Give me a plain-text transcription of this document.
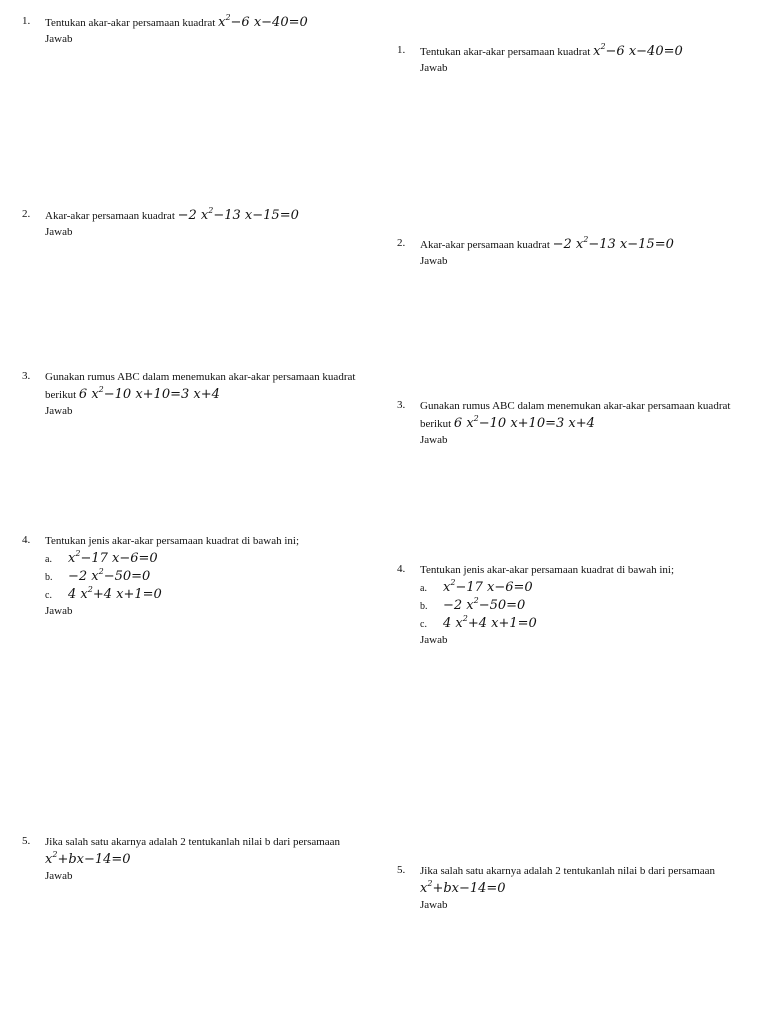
1.	Tentukan akar-akar persamaan kuadrat $x^2-6$ x−40=0
Jawab
2.	Akar-akar persamaan kuadrat −2 $x^2-13$ x−15=0
Jawab
3.	Gunakan rumus ABC dalam menemukan akar-akar persamaan kuadrat berikut 6 $x^2-10$ x+10=3 x+4
Jawab
4.	Tentukan jenis akar-akar persamaan kuadrat di bawah ini;
a. $x^2-17$ x−6=0
b. −2 $x^2-50=0$
c. 4 $x^2+4$ x+1=0
Jawab
5.	Jika salah satu akarnya adalah 2 tentukanlah nilai b dari persamaan $x^2+bx-14=0$
Jawab
1.	Tentukan akar-akar persamaan kuadrat $x^2-6$ x−40=0
Jawab
2.	Akar-akar persamaan kuadrat −2 $x^2-13$ x−15=0
Jawab
3.	Gunakan rumus ABC dalam menemukan akar-akar persamaan kuadrat berikut 6 $x^2-10$ x+10=3 x+4
Jawab
4.	Tentukan jenis akar-akar persamaan kuadrat di bawah ini;
a. $x^2-17$ x−6=0
b. −2 $x^2-50=0$
c. 4 $x^2+4$ x+1=0
Jawab
5.	Jika salah satu akarnya adalah 2 tentukanlah nilai b dari persamaan $x^2+bx-14=0$
Jawab
